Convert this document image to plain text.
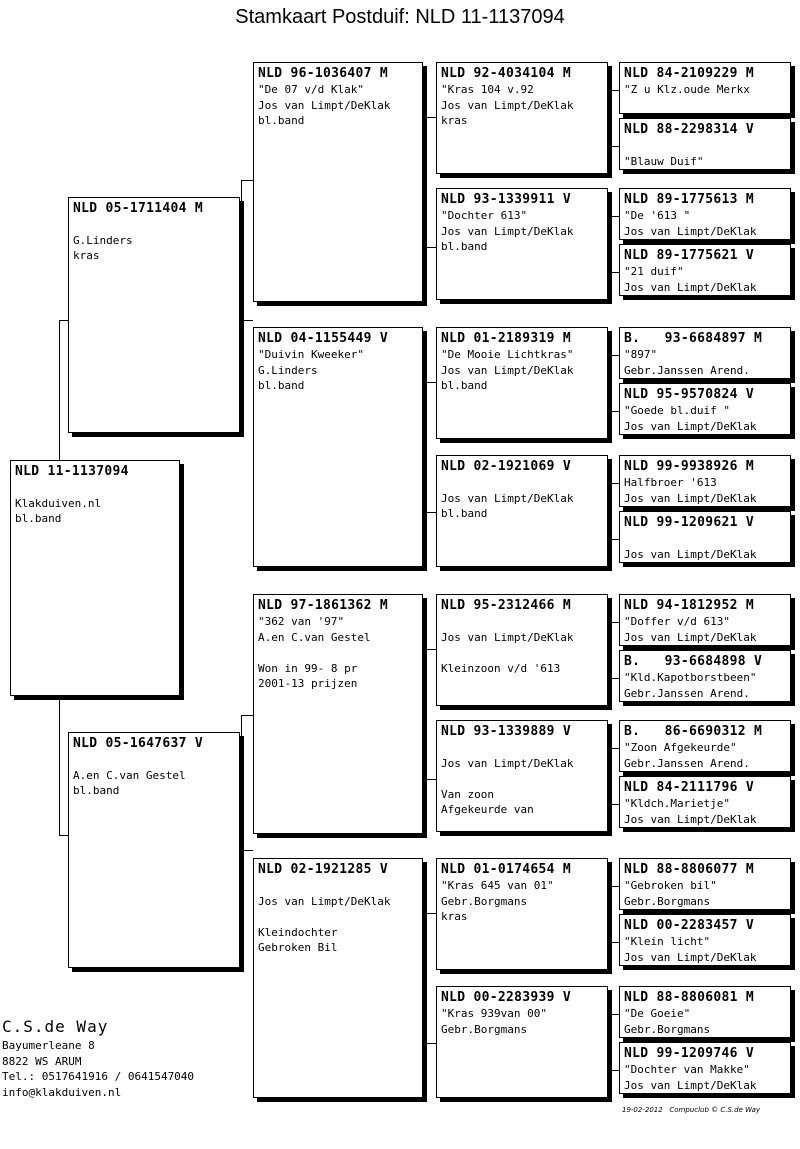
Stamkaart Postduif: NLD 11-1137094
NLD 11-1137094
Klakduiven.nl
bl.band
NLD 05-1711404 M
G.Linders
kras
NLD 05-1647637 V
A.en C.van Gestel
bl.band
NLD 96-1036407 M
"De 07 v/d Klak"
Jos van Limpt/DeKlak
bl.band
NLD 04-1155449 V
"Duivin Kweeker"
G.Linders
bl.band
NLD 97-1861362 M
"362 van '97"
A.en C.van Gestel
Won in 99- 8 pr
2001-13 prijzen
NLD 02-1921285 V
Jos van Limpt/DeKlak
Kleindochter
Gebroken Bil
NLD 92-4034104 M
"Kras 104 v.92
Jos van Limpt/DeKlak
kras
NLD 93-1339911 V
"Dochter 613"
Jos van Limpt/DeKlak
bl.band
NLD 01-2189319 M
"De Mooie Lichtkras"
Jos van Limpt/DeKlak
bl.band
NLD 02-1921069 V
Jos van Limpt/DeKlak
bl.band
NLD 95-2312466 M
Jos van Limpt/DeKlak
Kleinzoon v/d '613
NLD 93-1339889 V
Jos van Limpt/DeKlak
Van zoon
Afgekeurde van
NLD 01-0174654 M
"Kras 645 van 01"
Gebr.Borgmans
kras
NLD 00-2283939 V
"Kras 939van 00"
Gebr.Borgmans
NLD 84-2109229 M
"Z u Klz.oude Merkx
NLD 88-2298314 V
"Blauw Duif"
NLD 89-1775613 M
"De '613 "
Jos van Limpt/DeKlak
NLD 89-1775621 V
"21 duif"
Jos van Limpt/DeKlak
B.   93-6684897 M
"897"
Gebr.Janssen Arend.
NLD 95-9570824 V
"Goede bl.duif "
Jos van Limpt/DeKlak
NLD 99-9938926 M
Halfbroer '613
Jos van Limpt/DeKlak
NLD 99-1209621 V
Jos van Limpt/DeKlak
NLD 94-1812952 M
"Doffer v/d 613"
Jos van Limpt/DeKlak
B.   93-6684898 V
"Kld.Kapotborstbeen"
Gebr.Janssen Arend.
B.   86-6690312 M
"Zoon Afgekeurde"
Gebr.Janssen Arend.
NLD 84-2111796 V
"Kldch.Marietje"
Jos van Limpt/DeKlak
NLD 88-8806077 M
"Gebroken bil"
Gebr.Borgmans
NLD 00-2283457 V
"Klein licht"
Jos van Limpt/DeKlak
NLD 88-8806081 M
"De Goeie"
Gebr.Borgmans
NLD 99-1209746 V
"Dochter van Makke"
Jos van Limpt/DeKlak
C.S.de Way
Bayumerleane 8
8822 WS ARUM
Tel.: 0517641916 / 0641547040
info@klakduiven.nl
19-02-2012   Compuclub © C.S.de Way
